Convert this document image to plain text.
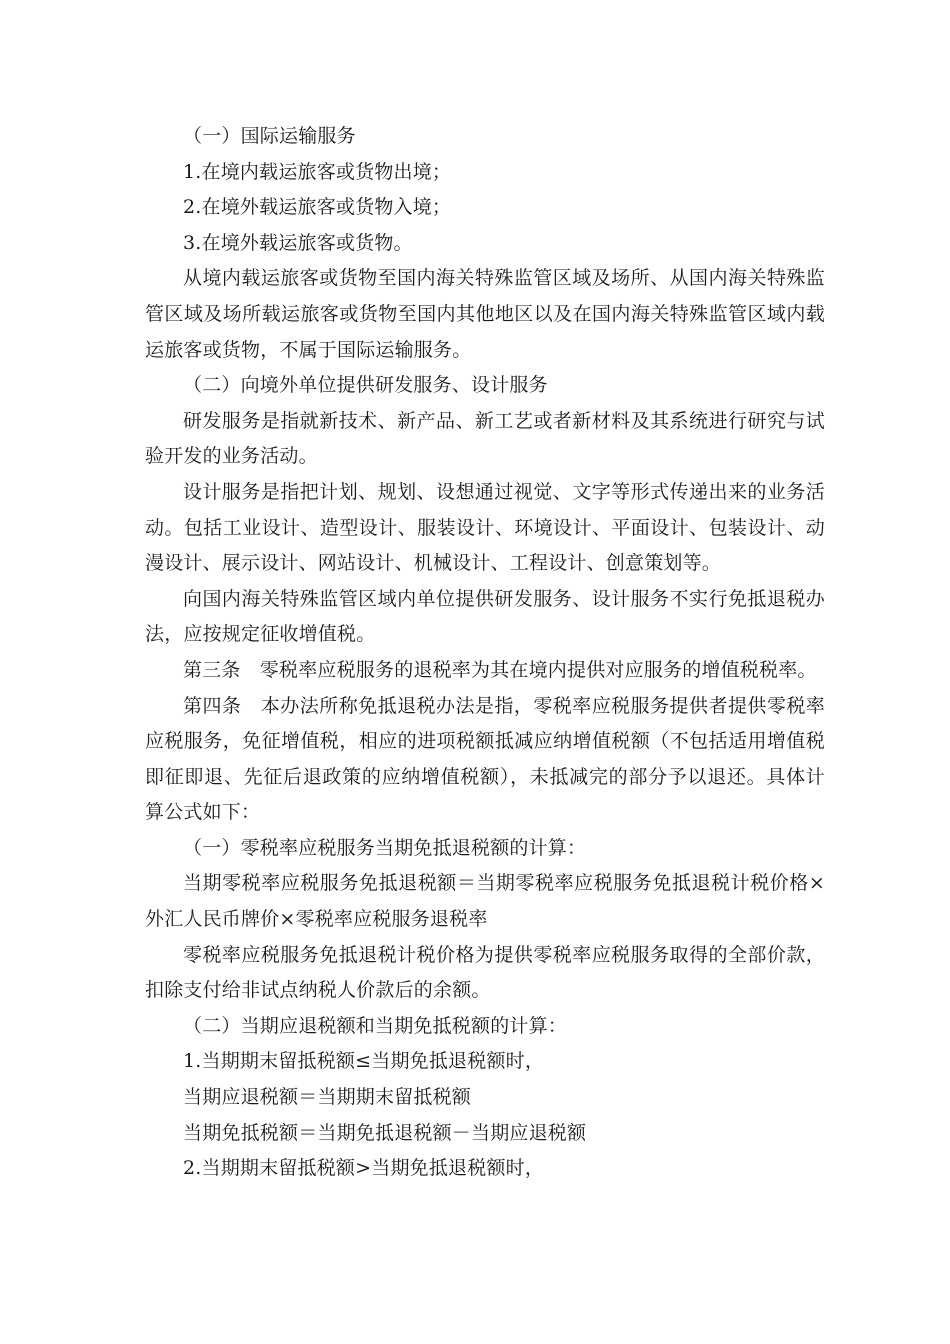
（一）国际运输服务

1.在境内载运旅客或货物出境；

2.在境外载运旅客或货物入境；

3.在境外载运旅客或货物。

从境内载运旅客或货物至国内海关特殊监管区域及场所、从国内海关特殊监管区域及场所载运旅客或货物至国内其他地区以及在国内海关特殊监管区域内载运旅客或货物，不属于国际运输服务。

（二）向境外单位提供研发服务、设计服务

研发服务是指就新技术、新产品、新工艺或者新材料及其系统进行研究与试验开发的业务活动。

设计服务是指把计划、规划、设想通过视觉、文字等形式传递出来的业务活动。包括工业设计、造型设计、服装设计、环境设计、平面设计、包装设计、动漫设计、展示设计、网站设计、机械设计、工程设计、创意策划等。

向国内海关特殊监管区域内单位提供研发服务、设计服务不实行免抵退税办法，应按规定征收增值税。

第三条　零税率应税服务的退税率为其在境内提供对应服务的增值税税率。

第四条　本办法所称免抵退税办法是指，零税率应税服务提供者提供零税率应税服务，免征增值税，相应的进项税额抵减应纳增值税额（不包括适用增值税即征即退、先征后退政策的应纳增值税额），未抵减完的部分予以退还。具体计算公式如下：

（一）零税率应税服务当期免抵退税额的计算：

当期零税率应税服务免抵退税额＝当期零税率应税服务免抵退税计税价格×外汇人民币牌价×零税率应税服务退税率

零税率应税服务免抵退税计税价格为提供零税率应税服务取得的全部价款，扣除支付给非试点纳税人价款后的余额。

（二）当期应退税额和当期免抵税额的计算：

1.当期期末留抵税额≤当期免抵退税额时，

当期应退税额＝当期期末留抵税额

当期免抵税额＝当期免抵退税额－当期应退税额

2.当期期末留抵税额>当期免抵退税额时，
